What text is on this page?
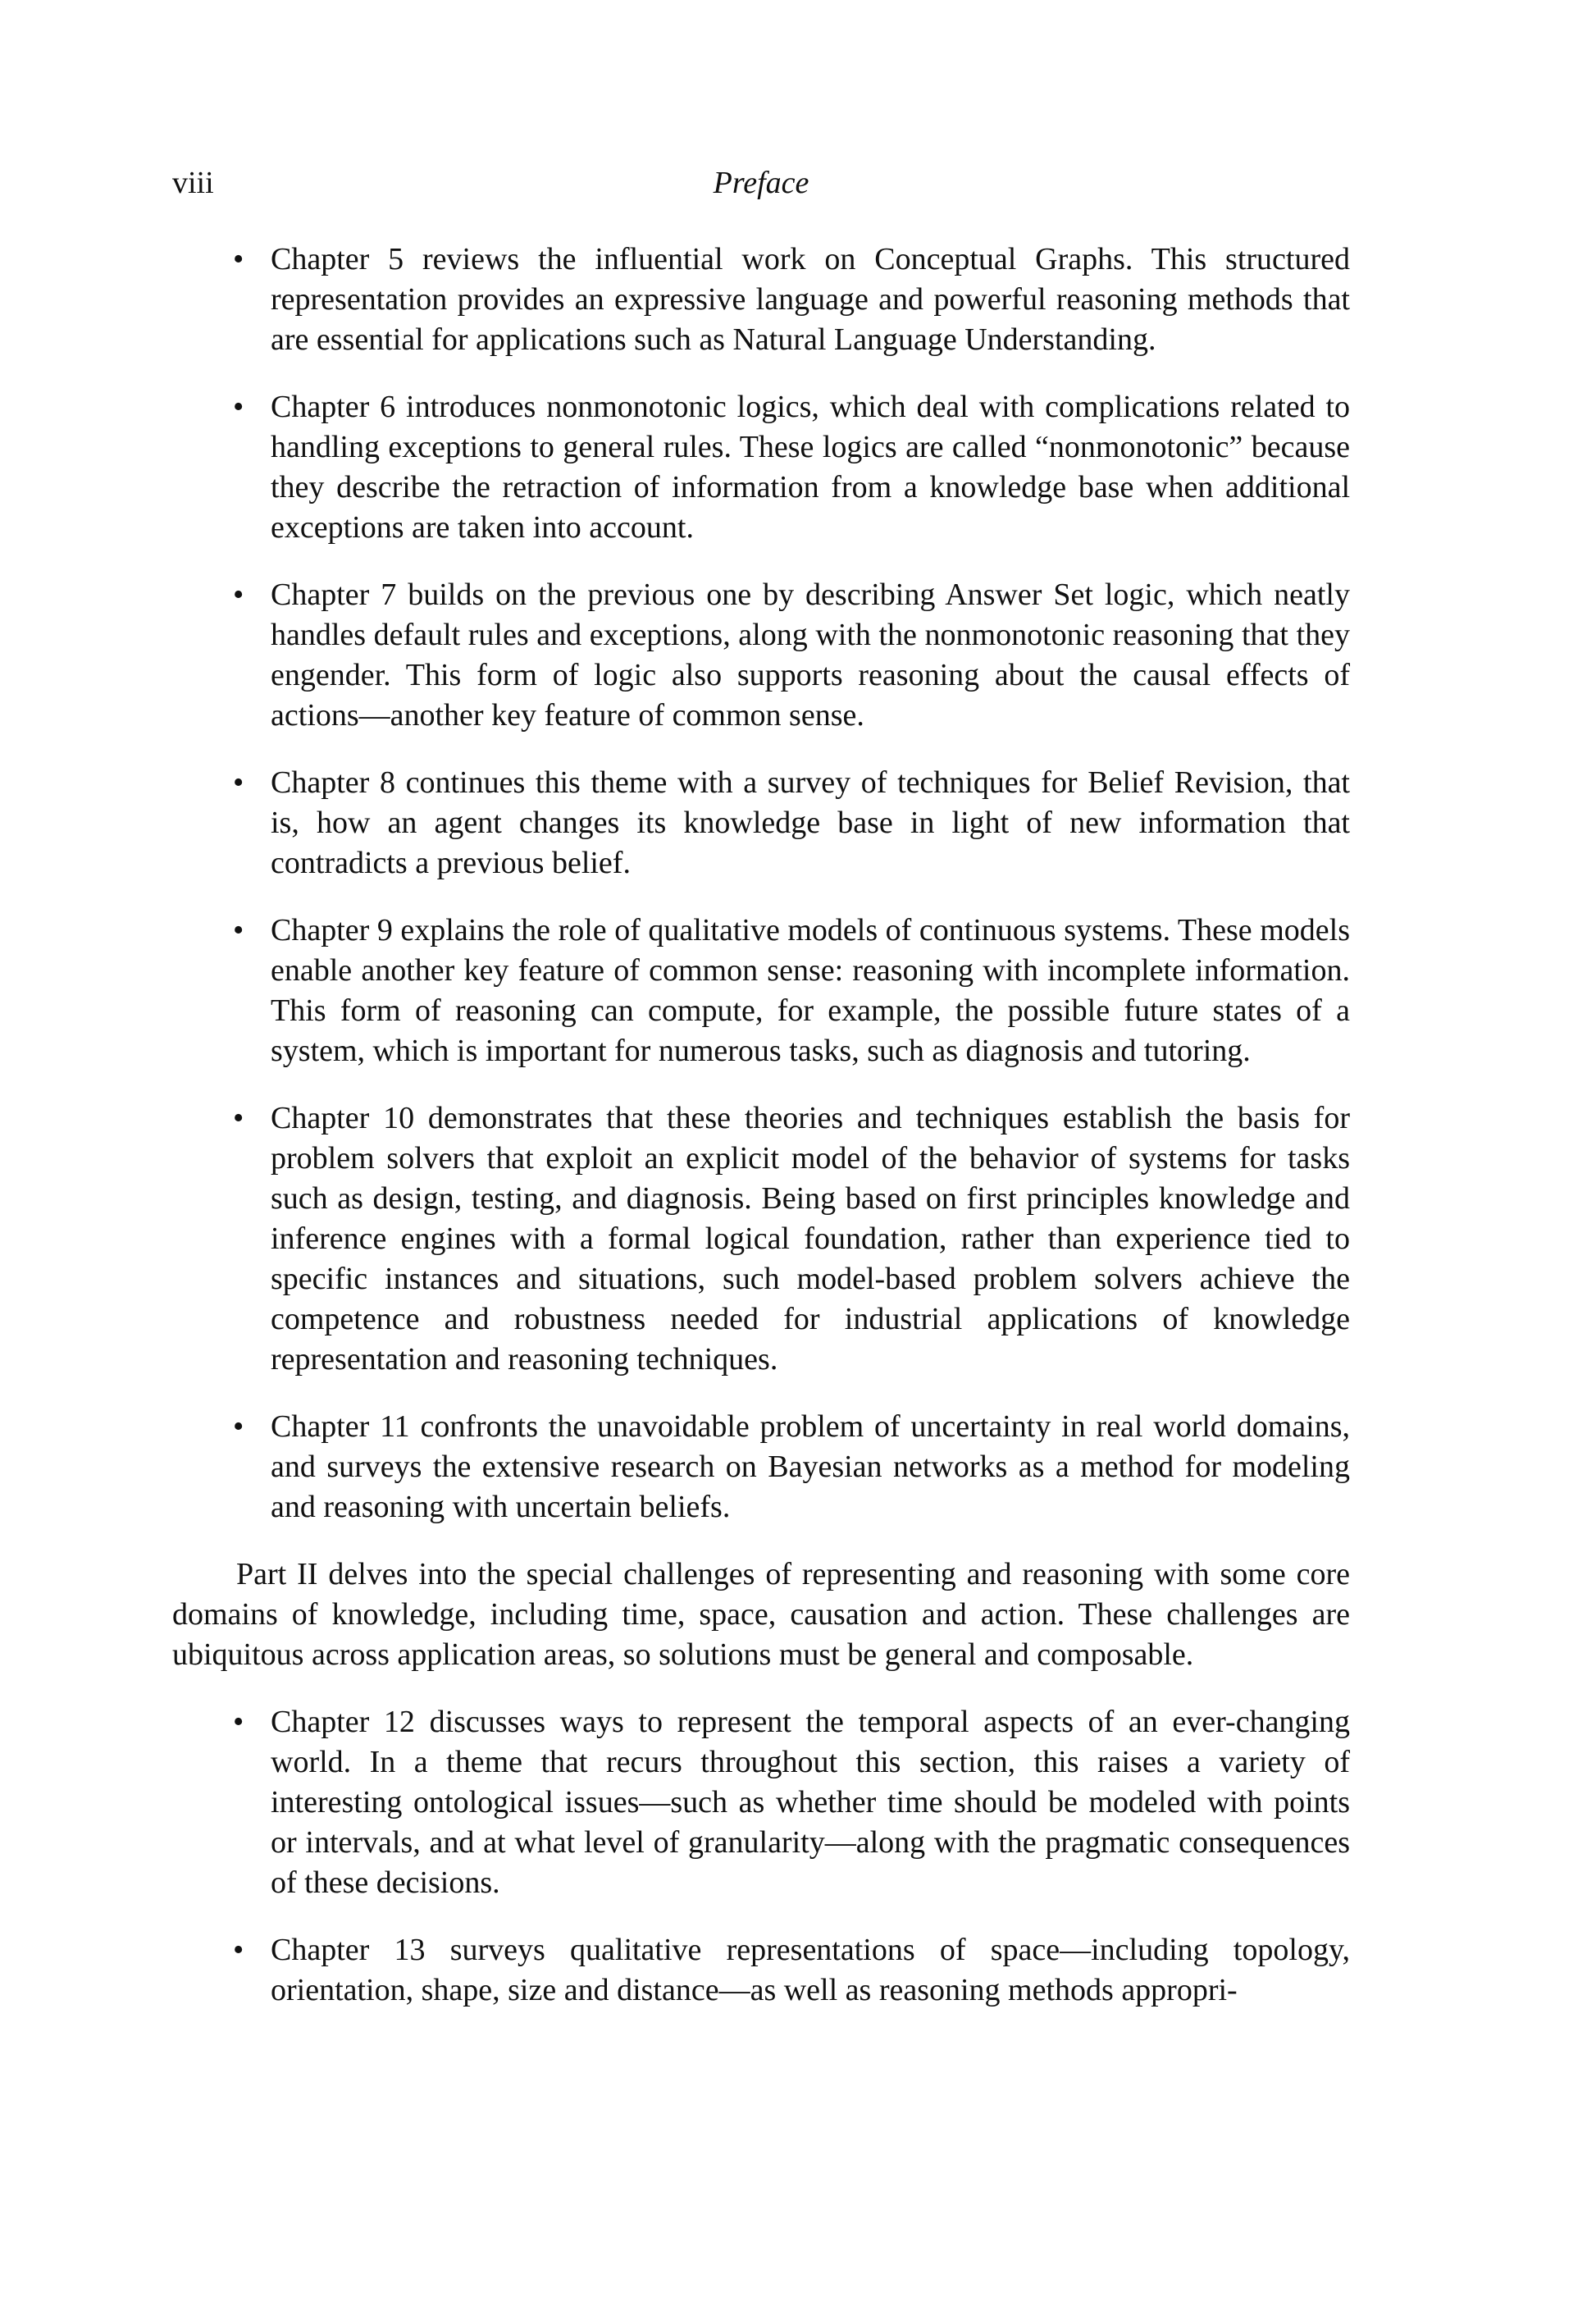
viii	Preface
• Chapter 5 reviews the influential work on Conceptual Graphs. This structured representation provides an expressive language and powerful reasoning methods that are essential for applications such as Natural Language Understanding.
• Chapter 6 introduces nonmonotonic logics, which deal with complications related to handling exceptions to general rules. These logics are called “nonmonotonic” because they describe the retraction of information from a knowledge base when additional exceptions are taken into account.
• Chapter 7 builds on the previous one by describing Answer Set logic, which neatly handles default rules and exceptions, along with the nonmonotonic reasoning that they engender. This form of logic also supports reasoning about the causal effects of actions—another key feature of common sense.
• Chapter 8 continues this theme with a survey of techniques for Belief Revision, that is, how an agent changes its knowledge base in light of new information that contradicts a previous belief.
• Chapter 9 explains the role of qualitative models of continuous systems. These models enable another key feature of common sense: reasoning with incomplete information. This form of reasoning can compute, for example, the possible future states of a system, which is important for numerous tasks, such as diagnosis and tutoring.
• Chapter 10 demonstrates that these theories and techniques establish the basis for problem solvers that exploit an explicit model of the behavior of systems for tasks such as design, testing, and diagnosis. Being based on first principles knowledge and inference engines with a formal logical foundation, rather than experience tied to specific instances and situations, such model-based problem solvers achieve the competence and robustness needed for industrial applications of knowledge representation and reasoning techniques.
• Chapter 11 confronts the unavoidable problem of uncertainty in real world domains, and surveys the extensive research on Bayesian networks as a method for modeling and reasoning with uncertain beliefs.

Part II delves into the special challenges of representing and reasoning with some core domains of knowledge, including time, space, causation and action. These challenges are ubiquitous across application areas, so solutions must be general and composable.

• Chapter 12 discusses ways to represent the temporal aspects of an ever-changing world. In a theme that recurs throughout this section, this raises a variety of interesting ontological issues—such as whether time should be modeled with points or intervals, and at what level of granularity—along with the pragmatic consequences of these decisions.
• Chapter 13 surveys qualitative representations of space—including topology, orientation, shape, size and distance—as well as reasoning methods appropri-
